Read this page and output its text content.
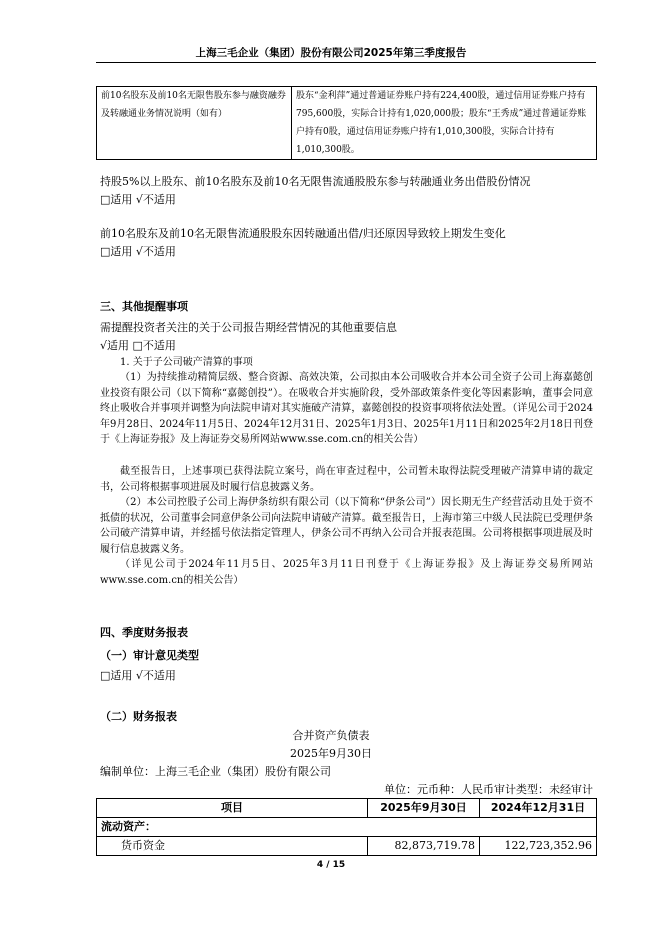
上海三毛企业（集团）股份有限公司2025年第三季度报告
前10名股东及前10名无限售股东参与融资融券及转融通业务情况说明（如有）	股东“金利萍”通过普通证券账户持有224,400股，通过信用证券账户持有795,600股，实际合计持有1,020,000股；股东“王秀成”通过普通证券账户持有0股，通过信用证券账户持有1,010,300股，实际合计持有1,010,300股。
持股5%以上股东、前10名股东及前10名无限售流通股股东参与转融通业务出借股份情况
□适用 √不适用
前10名股东及前10名无限售流通股股东因转融通出借/归还原因导致较上期发生变化
□适用 √不适用
三、其他提醒事项
需提醒投资者关注的关于公司报告期经营情况的其他重要信息
√适用 □不适用
1. 关于子公司破产清算的事项
（1）为持续推动精简层级、整合资源、高效决策，公司拟由本公司吸收合并本公司全资子公司上海嘉懿创业投资有限公司（以下简称“嘉懿创投”）。在吸收合并实施阶段，受外部政策条件变化等因素影响，董事会同意终止吸收合并事项并调整为向法院申请对其实施破产清算，嘉懿创投的投资事项将依法处置。（详见公司于2024年9月28日、2024年11月5日、2024年12月31日、2025年1月3日、2025年1月11日和2025年2月18日刊登于《上海证券报》及上海证券交易所网站www.sse.com.cn的相关公告）
截至报告日，上述事项已获得法院立案号，尚在审查过程中，公司暂未取得法院受理破产清算申请的裁定书，公司将根据事项进展及时履行信息披露义务。
（2）本公司控股子公司上海伊条纺织有限公司（以下简称“伊条公司”）因长期无生产经营活动且处于资不抵债的状况，公司董事会同意伊条公司向法院申请破产清算。截至报告日，上海市第三中级人民法院已受理伊条公司破产清算申请，并经摇号依法指定管理人，伊条公司不再纳入公司合并报表范围。公司将根据事项进展及时履行信息披露义务。
（详见公司于2024年11月5日、2025年3月11日刊登于《上海证券报》及上海证券交易所网站www.sse.com.cn的相关公告）
四、季度财务报表
（一）审计意见类型
□适用 √不适用
（二）财务报表
合并资产负债表
2025年9月30日
编制单位：上海三毛企业（集团）股份有限公司
单位：元币种：人民币审计类型：未经审计
项目	2025年9月30日	2024年12月31日
流动资产：		
货币资金	82,873,719.78	122,723,352.96
4 / 15
